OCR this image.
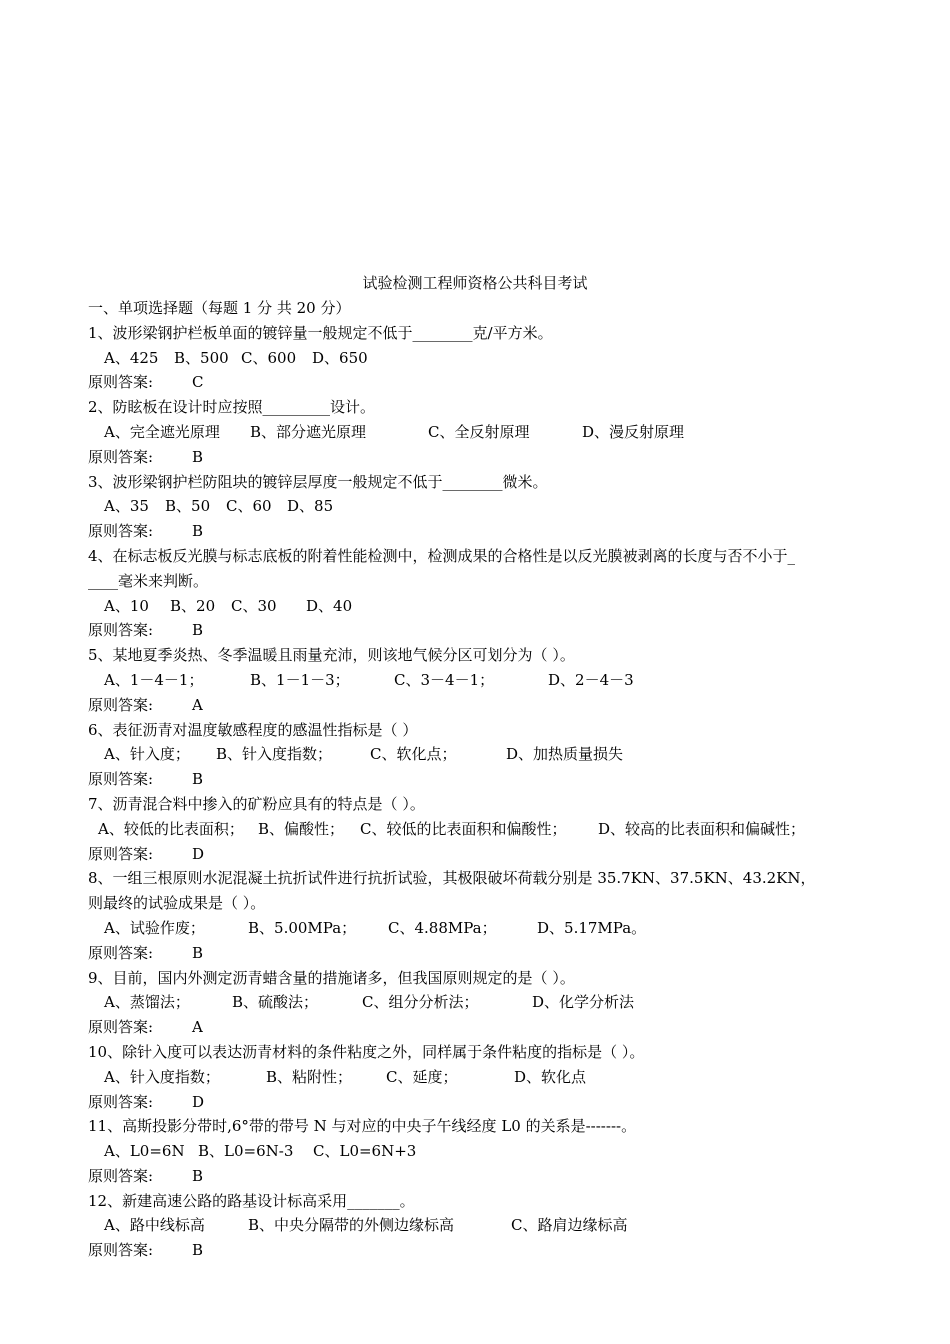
试验检测工程师资格公共科目考试
一、单项选择题（每题 1 分 共 20 分）
1、波形梁钢护栏板单面的镀锌量一般规定不低于________克/平方米。
A、425	B、500 C、600	D、650
原则答案:	C
2、防眩板在设计时应按照_________设计。
A、完全遮光原理	B、部分遮光原理	C、全反射原理	D、漫反射原理
原则答案:	B
3、波形梁钢护栏防阻块的镀锌层厚度一般规定不低于________微米。
A、35	B、50	C、60	D、85
原则答案:	B
4、在标志板反光膜与标志底板的附着性能检测中，检测成果的合格性是以反光膜被剥离的长度与否不小于_
____毫米来判断。
A、10	B、20	C、30	D、40
原则答案:	B
5、某地夏季炎热、冬季温暖且雨量充沛，则该地气候分区可划分为（ ）。
A、1－4－1；	B、1－1－3；	C、3－4－1；	D、2－4－3
原则答案:	A
6、表征沥青对温度敏感程度的感温性指标是（ ）
A、针入度；	B、针入度指数；	C、软化点；	D、加热质量损失
原则答案:	B
7、沥青混合料中掺入的矿粉应具有的特点是（ ）。
A、较低的比表面积； B、偏酸性；	C、较低的比表面积和偏酸性；	D、较高的比表面积和偏碱性；
原则答案:	D
8、一组三根原则水泥混凝土抗折试件进行抗折试验，其极限破坏荷载分别是 35.7KN、37.5KN、43.2KN，
则最终的试验成果是（ ）。
A、试验作废；	B、5.00MPa；	C、4.88MPa；	D、5.17MPa。
原则答案:	B
9、目前，国内外测定沥青蜡含量的措施诸多，但我国原则规定的是（ ）。
A、蒸馏法；	B、硫酸法；	C、组分分析法；	D、化学分析法
原则答案:	A
10、除针入度可以表达沥青材料的条件粘度之外，同样属于条件粘度的指标是（ ）。
A、针入度指数；	B、粘附性；	C、延度；	D、软化点
原则答案:	D
11、高斯投影分带时,6°带的带号 N 与对应的中央子午线经度 L0 的关系是-------。
A、L0=6N B、L0=6N-3	C、L0=6N+3
原则答案:	B
12、新建高速公路的路基设计标高采用_______。
A、路中线标高	B、中央分隔带的外侧边缘标高	C、路肩边缘标高
原则答案:	B
